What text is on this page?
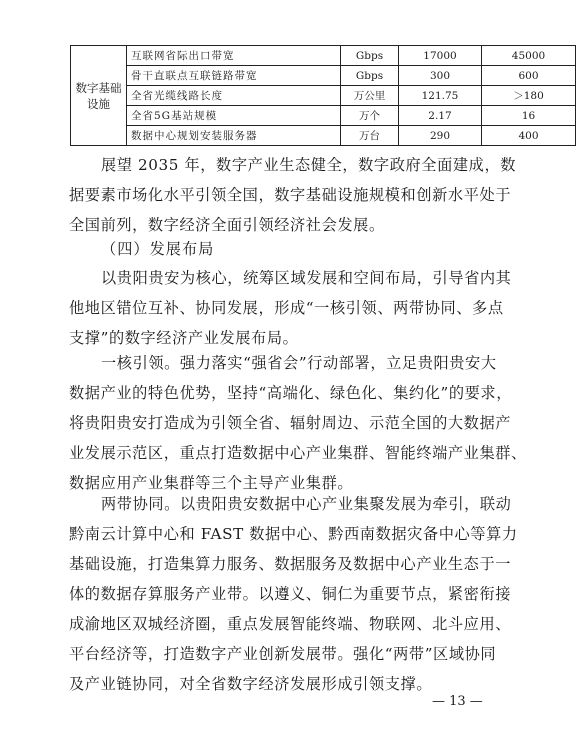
数字基础设施	互联网省际出口带宽	Gbps	17000	45000
	骨干直联点互联链路带宽	Gbps	300	600
	全省光缆线路长度	万公里	121.75	＞180
	全省5G基站规模	万个	2.17	16
	数据中心规划安装服务器	万台	290	400
展望 2035 年，数字产业生态健全，数字政府全面建成，数
据要素市场化水平引领全国，数字基础设施规模和创新水平处于
全国前列，数字经济全面引领经济社会发展。
（四）发展布局
以贵阳贵安为核心，统筹区域发展和空间布局，引导省内其
他地区错位互补、协同发展，形成“一核引领、两带协同、多点
支撑”的数字经济产业发展布局。
一核引领。强力落实“强省会”行动部署，立足贵阳贵安大
数据产业的特色优势，坚持“高端化、绿色化、集约化”的要求，
将贵阳贵安打造成为引领全省、辐射周边、示范全国的大数据产
业发展示范区，重点打造数据中心产业集群、智能终端产业集群、
数据应用产业集群等三个主导产业集群。
两带协同。以贵阳贵安数据中心产业集聚发展为牵引，联动
黔南云计算中心和 FAST 数据中心、黔西南数据灾备中心等算力
基础设施，打造集算力服务、数据服务及数据中心产业生态于一
体的数据存算服务产业带。以遵义、铜仁为重要节点，紧密衔接
成渝地区双城经济圈，重点发展智能终端、物联网、北斗应用、
平台经济等，打造数字产业创新发展带。强化“两带”区域协同
及产业链协同，对全省数字经济发展形成引领支撑。
— 13 —
